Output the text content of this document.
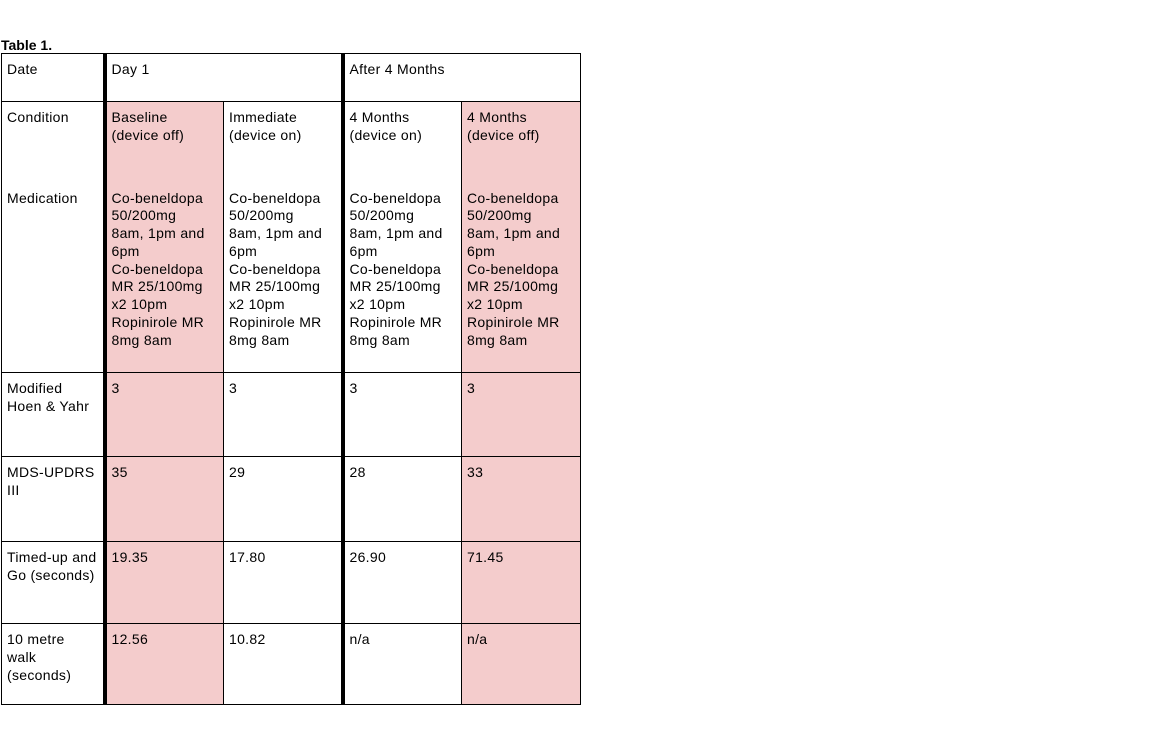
Table 1.
Date	Day 1		After 4 Months	
Condition	Baseline (device off)	Immediate (device on)	4 Months (device on)	4 Months (device off)
Medication	Co-beneldopa 50/200mg
8am, 1pm and 6pm
Co-beneldopa MR 25/100mg
x2 10pm
Ropinirole MR 8mg 8am	Co-beneldopa 50/200mg
8am, 1pm and 6pm
Co-beneldopa MR 25/100mg
x2 10pm
Ropinirole MR 8mg 8am	Co-beneldopa 50/200mg
8am, 1pm and 6pm
Co-beneldopa MR 25/100mg
x2 10pm
Ropinirole MR 8mg 8am	Co-beneldopa 50/200mg
8am, 1pm and 6pm
Co-beneldopa MR 25/100mg
x2 10pm
Ropinirole MR 8mg 8am

Modified Hoen & Yahr	3	3	3	3
MDS-UPDRS III	35	29	28	33
Timed-up and Go (seconds)	19.35	17.80	26.90	71.45
10 metre walk (seconds)	12.56	10.82	n/a	n/a
